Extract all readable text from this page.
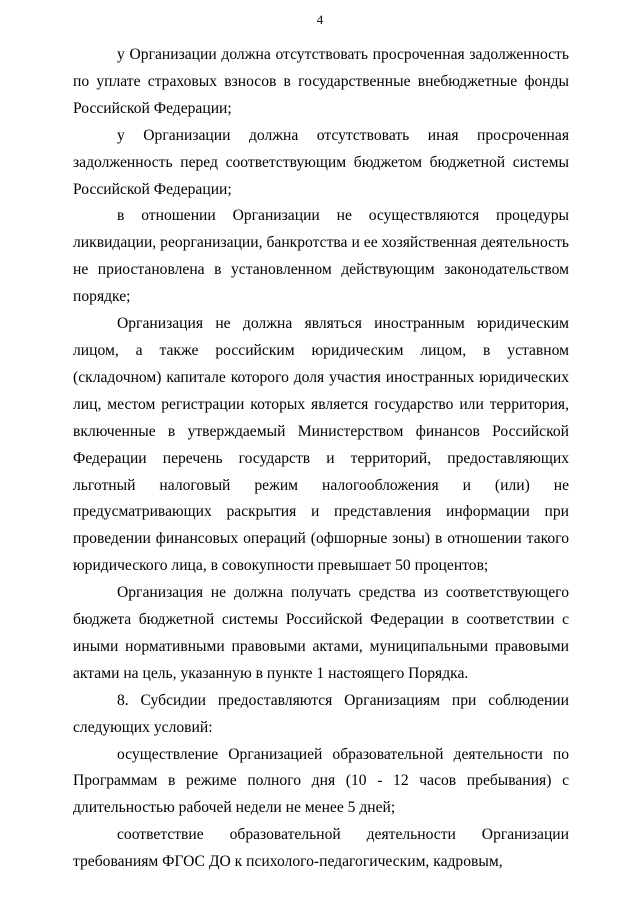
4

у Организации должна отсутствовать просроченная задолженность по уплате страховых взносов в государственные внебюджетные фонды Российской Федерации;

у Организации должна отсутствовать иная просроченная задолженность перед соответствующим бюджетом бюджетной системы Российской Федерации;

в отношении Организации не осуществляются процедуры ликвидации, реорганизации, банкротства и ее хозяйственная деятельность не приостановлена в установленном действующим законодательством порядке;

Организация не должна являться иностранным юридическим лицом, а также российским юридическим лицом, в уставном (складочном) капитале которого доля участия иностранных юридических лиц, местом регистрации которых является государство или территория, включенные в утверждаемый Министерством финансов Российской Федерации перечень государств и территорий, предоставляющих льготный налоговый режим налогообложения и (или) не предусматривающих раскрытия и представления информации при проведении финансовых операций (офшорные зоны) в отношении такого юридического лица, в совокупности превышает 50 процентов;

Организация не должна получать средства из соответствующего бюджета бюджетной системы Российской Федерации в соответствии с иными нормативными правовыми актами, муниципальными правовыми актами на цель, указанную в пункте 1 настоящего Порядка.

8. Субсидии предоставляются Организациям при соблюдении следующих условий:

осуществление Организацией образовательной деятельности по Программам в режиме полного дня (10 - 12 часов пребывания) с длительностью рабочей недели не менее 5 дней;

соответствие образовательной деятельности Организации требованиям ФГОС ДО к психолого-педагогическим, кадровым,
